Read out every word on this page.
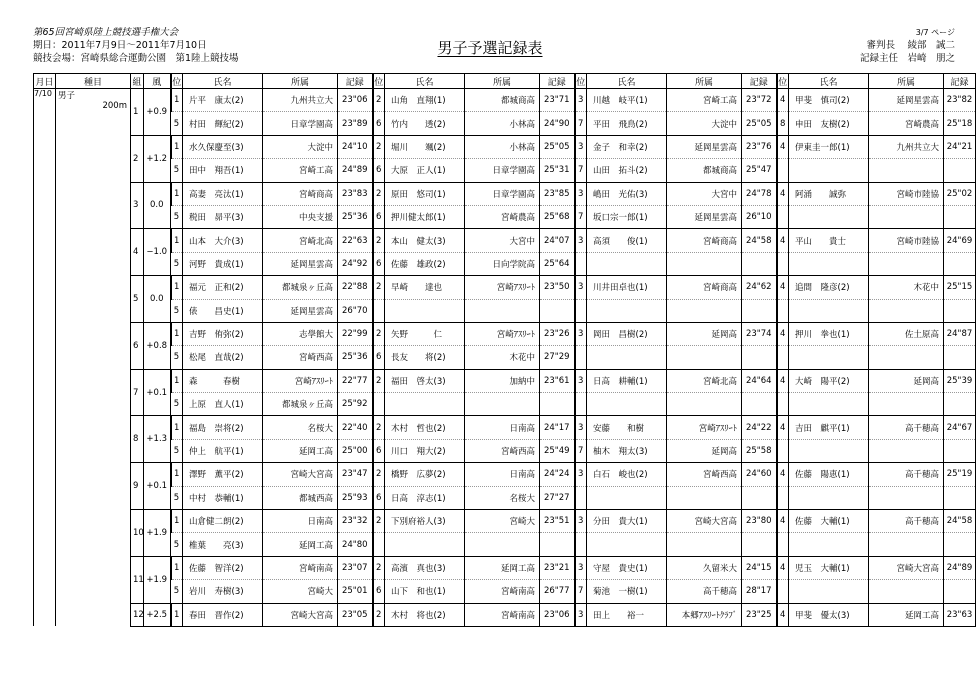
第65回宮崎県陸上競技選手権大会
期日：2011年7月9日～2011年7月10日
競技会場：宮崎県総合運動公園　第1陸上競技場
男子予選記録表
3/7 ページ
審判長　 綾部　誠二
記録主任　岩崎　朋之
月日	種目	組	風	位	氏名	所属	記録	位	氏名	所属	記録	位	氏名	所属	記録	位	氏名	所属	記録
7/10	男子
200m	1	+0.9	1	片平　康太(2)	九州共立大	23"06	2	山角　直翔(1)	都城商高	23"71	3	川越　岐平(1)	宮崎工高	23"72	4	甲斐　慎司(2)	延岡星雲高	23"82
				5	村田　輝紀(2)	日章学園高	23"89	6	竹内　　透(2)	小林高	24"90	7	平田　飛鳥(2)	大淀中	25"05	8	申田　友樹(2)	宮崎農高	25"18
		2	+1.2	1	水久保慶至(3)	大淀中	24"10	2	堀川　　颯(2)	小林高	25"05	3	金子　和幸(2)	延岡星雲高	23"76	4	伊東圭一郎(1)	九州共立大	24"21
				5	田中　翔吾(1)	宮崎工高	24"89	6	大原　正人(1)	日章学園高	25"31	7	山田　拓斗(2)	都城商高	25"47				
		3	0.0	1	高妻　亮汰(1)	宮崎商高	23"83	2	原田　悠司(1)	日章学園高	23"85	3	嶋田　光佑(3)	大宮中	24"78	4	阿涌　　誠弥	宮崎市陸協	25"02
				5	税田　昴平(3)	中央支援	25"36	6	押川健太郎(1)	宮崎農高	25"68	7	坂口宗一郎(1)	延岡星雲高	26"10				
		4	−1.0	1	山本　大介(3)	宮崎北高	22"63	2	本山　健太(3)	大宮中	24"07	3	高須　　俊(1)	宮崎商高	24"58	4	平山　　貴士	宮崎市陸協	24"69
				5	河野　貴成(1)	延岡星雲高	24"92	6	佐藤　雄政(2)	日向学院高	25"64								
		5	0.0	1	福元　正和(2)	都城泉ヶ丘高	22"88	2	早崎　　達也	宮崎ｱｽﾘｰﾄ	23"50	3	川井田卓也(1)	宮崎商高	24"62	4	追間　隆彦(2)	木花中	25"15
				5	俵　　昌史(1)	延岡星雲高	26"70												
		6	+0.8	1	吉野　侑弥(2)	志學館大	22"99	2	矢野　　　仁	宮崎ｱｽﾘｰﾄ	23"26	3	岡田　昌樹(2)	延岡高	23"74	4	押川　拳也(1)	佐土原高	24"87
				5	松尾　直哉(2)	宮崎西高	25"36	6	長友　　将(2)	木花中	27"29								
		7	+0.1	1	森　　　春樹	宮崎ｱｽﾘｰﾄ	22"77	2	福田　啓太(3)	加納中	23"61	3	日高　耕輔(1)	宮崎北高	24"64	4	大崎　陽平(2)	延岡高	25"39
				5	上原　直人(1)	都城泉ヶ丘高	25"92												
		8	+1.3	1	福島　崇将(2)	名桜大	22"40	2	木村　哲也(2)	日南高	24"17	3	安藤　　和樹	宮崎ｱｽﾘｰﾄ	24"22	4	吉田　麒平(1)	高千穂高	24"67
				5	仲上　航平(1)	延岡工高	25"00	6	川口　翔大(2)	宮崎西高	25"49	7	柚木　翔太(3)	延岡高	25"58				
		9	+0.1	1	澤野　薫平(2)	宮崎大宮高	23"47	2	橋野　広夢(2)	日南高	24"24	3	白石　峻也(2)	宮崎西高	24"60	4	佐藤　陽恵(1)	高千穂高	25"19
				5	中村　恭輔(1)	都城西高	25"93	6	日高　淳志(1)	名桜大	27"27								
		10	+1.9	1	山倉健二朗(2)	日南高	23"32	2	下別府裕人(3)	宮崎大	23"51	3	分田　貴大(1)	宮崎大宮高	23"80	4	佐藤　大輔(1)	高千穂高	24"58
				5	椎葉　　亮(3)	延岡工高	24"80												
		11	+1.9	1	佐藤　智洋(2)	宮崎南高	23"07	2	高濱　真也(3)	延岡工高	23"21	3	守屋　貴史(1)	久留米大	24"15	4	児玉　大輔(1)	宮崎大宮高	24"89
				5	岩川　寿樹(3)	宮崎大	25"01	6	山下　和也(1)	宮崎南高	26"77	7	菊池　一樹(1)	高千穂高	28"17				
		12	+2.5	1	春田　晋作(2)	宮崎大宮高	23"05	2	木村　将也(2)	宮崎南高	23"06	3	田上　　裕一	本郷ｱｽﾘｰﾄｸﾗﾌﾞ	23"25	4	甲斐　優太(3)	延岡工高	23"63
